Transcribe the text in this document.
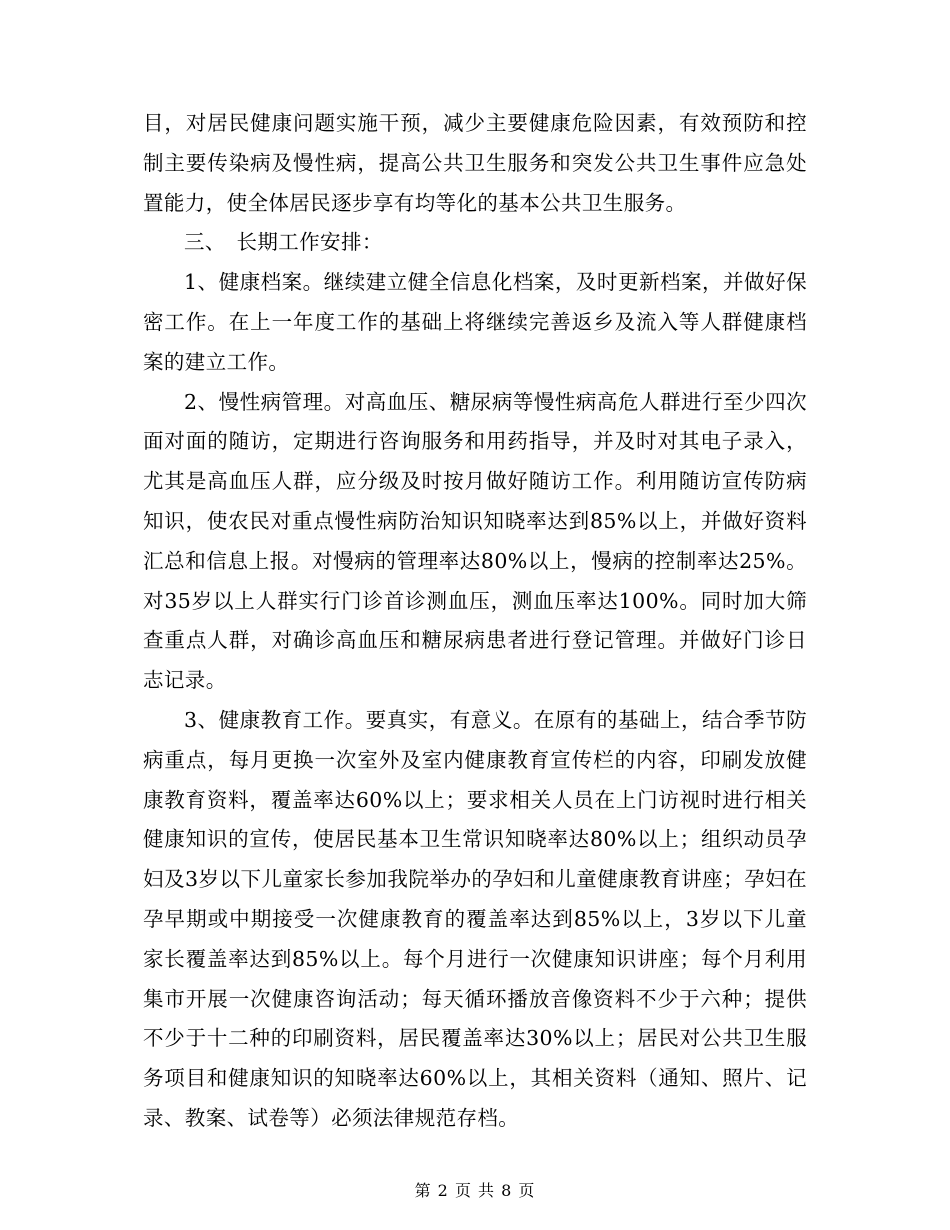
目，对居民健康问题实施干预，减少主要健康危险因素，有效预防和控制主要传染病及慢性病，提高公共卫生服务和突发公共卫生事件应急处置能力，使全体居民逐步享有均等化的基本公共卫生服务。

三、　长期工作安排：

1、健康档案。继续建立健全信息化档案，及时更新档案，并做好保密工作。在上一年度工作的基础上将继续完善返乡及流入等人群健康档案的建立工作。

2、慢性病管理。对高血压、糖尿病等慢性病高危人群进行至少四次面对面的随访，定期进行咨询服务和用药指导，并及时对其电子录入，尤其是高血压人群，应分级及时按月做好随访工作。利用随访宣传防病知识，使农民对重点慢性病防治知识知晓率达到85%以上，并做好资料汇总和信息上报。对慢病的管理率达80%以上，慢病的控制率达25%。对35岁以上人群实行门诊首诊测血压，测血压率达100%。同时加大筛查重点人群，对确诊高血压和糖尿病患者进行登记管理。并做好门诊日志记录。

3、健康教育工作。要真实，有意义。在原有的基础上，结合季节防病重点，每月更换一次室外及室内健康教育宣传栏的内容，印刷发放健康教育资料，覆盖率达60%以上；要求相关人员在上门访视时进行相关健康知识的宣传，使居民基本卫生常识知晓率达80%以上；组织动员孕妇及3岁以下儿童家长参加我院举办的孕妇和儿童健康教育讲座；孕妇在孕早期或中期接受一次健康教育的覆盖率达到85%以上，3岁以下儿童家长覆盖率达到85%以上。每个月进行一次健康知识讲座；每个月利用集市开展一次健康咨询活动；每天循环播放音像资料不少于六种；提供不少于十二种的印刷资料，居民覆盖率达30%以上；居民对公共卫生服务项目和健康知识的知晓率达60%以上，其相关资料（通知、照片、记录、教案、试卷等）必须法律规范存档。

第 2 页 共 8 页
